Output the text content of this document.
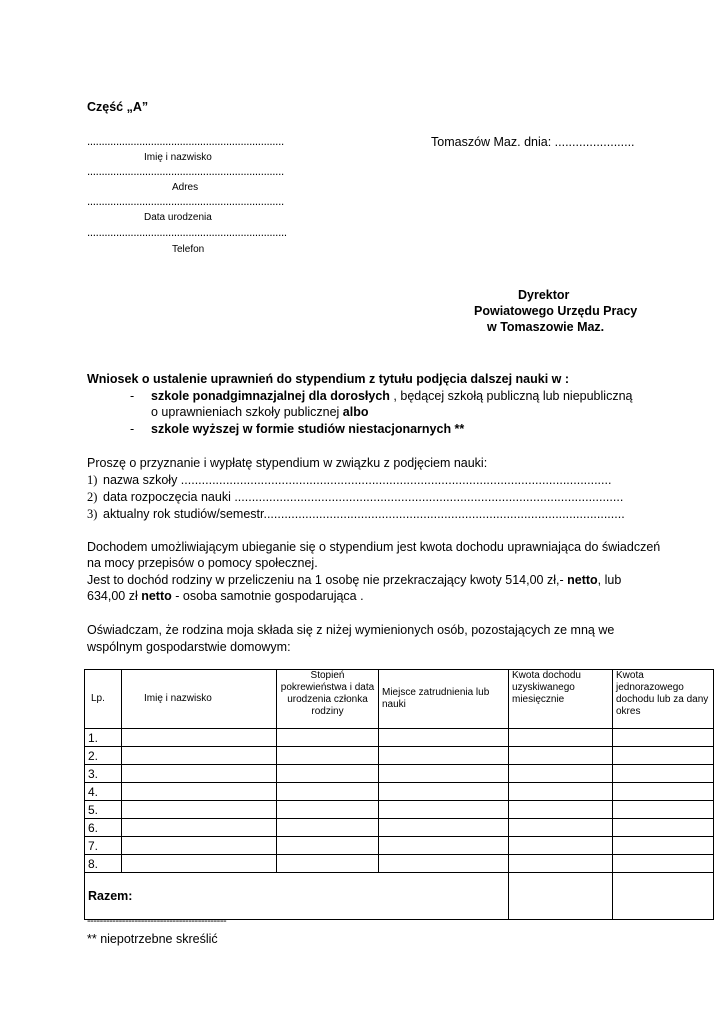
Część „A”
....................................................................
Imię i nazwisko
....................................................................
Adres
....................................................................
Data urodzenia
.....................................................................
Telefon
Tomaszów Maz. dnia: .......................
Dyrektor
Powiatowego Urzędu Pracy
w Tomaszowie Maz.
Wniosek o ustalenie uprawnień do stypendium z tytułu podjęcia dalszej nauki w :
- szkole ponadgimnazjalnej dla dorosłych , będącej szkołą publiczną lub niepubliczną
o uprawnieniach szkoły publicznej albo
- szkole wyższej w formie studiów niestacjonarnych **
Proszę o przyznanie i wypłatę stypendium w związku z podjęciem nauki:
1) nazwa szkoły ............................................................................................................................
2) data rozpoczęcia nauki ................................................................................................................
3) aktualny rok studiów/semestr........................................................................................................
Dochodem umożliwiającym ubieganie się o stypendium jest kwota dochodu uprawniająca do świadczeń
na mocy przepisów o pomocy społecznej.
Jest to dochód rodziny w przeliczeniu na 1 osobę nie przekraczający kwoty 514,00 zł,- netto, lub
634,00 zł netto - osoba samotnie gospodarująca .
Oświadczam, że rodzina moja składa się z niżej wymienionych osób, pozostających ze mną we
wspólnym gospodarstwie domowym:
Lp.	Imię i nazwisko	Stopień pokrewieństwa i data urodzenia członka rodziny	Miejsce zatrudnienia lub nauki	Kwota dochodu uzyskiwanego miesięcznie	Kwota jednorazowego dochodu lub za dany okres
1.					
2.					
3.					
4.					
5.					
6.					
7.					
8.					
Razem:					
--------------------------------------------
** niepotrzebne skreślić
